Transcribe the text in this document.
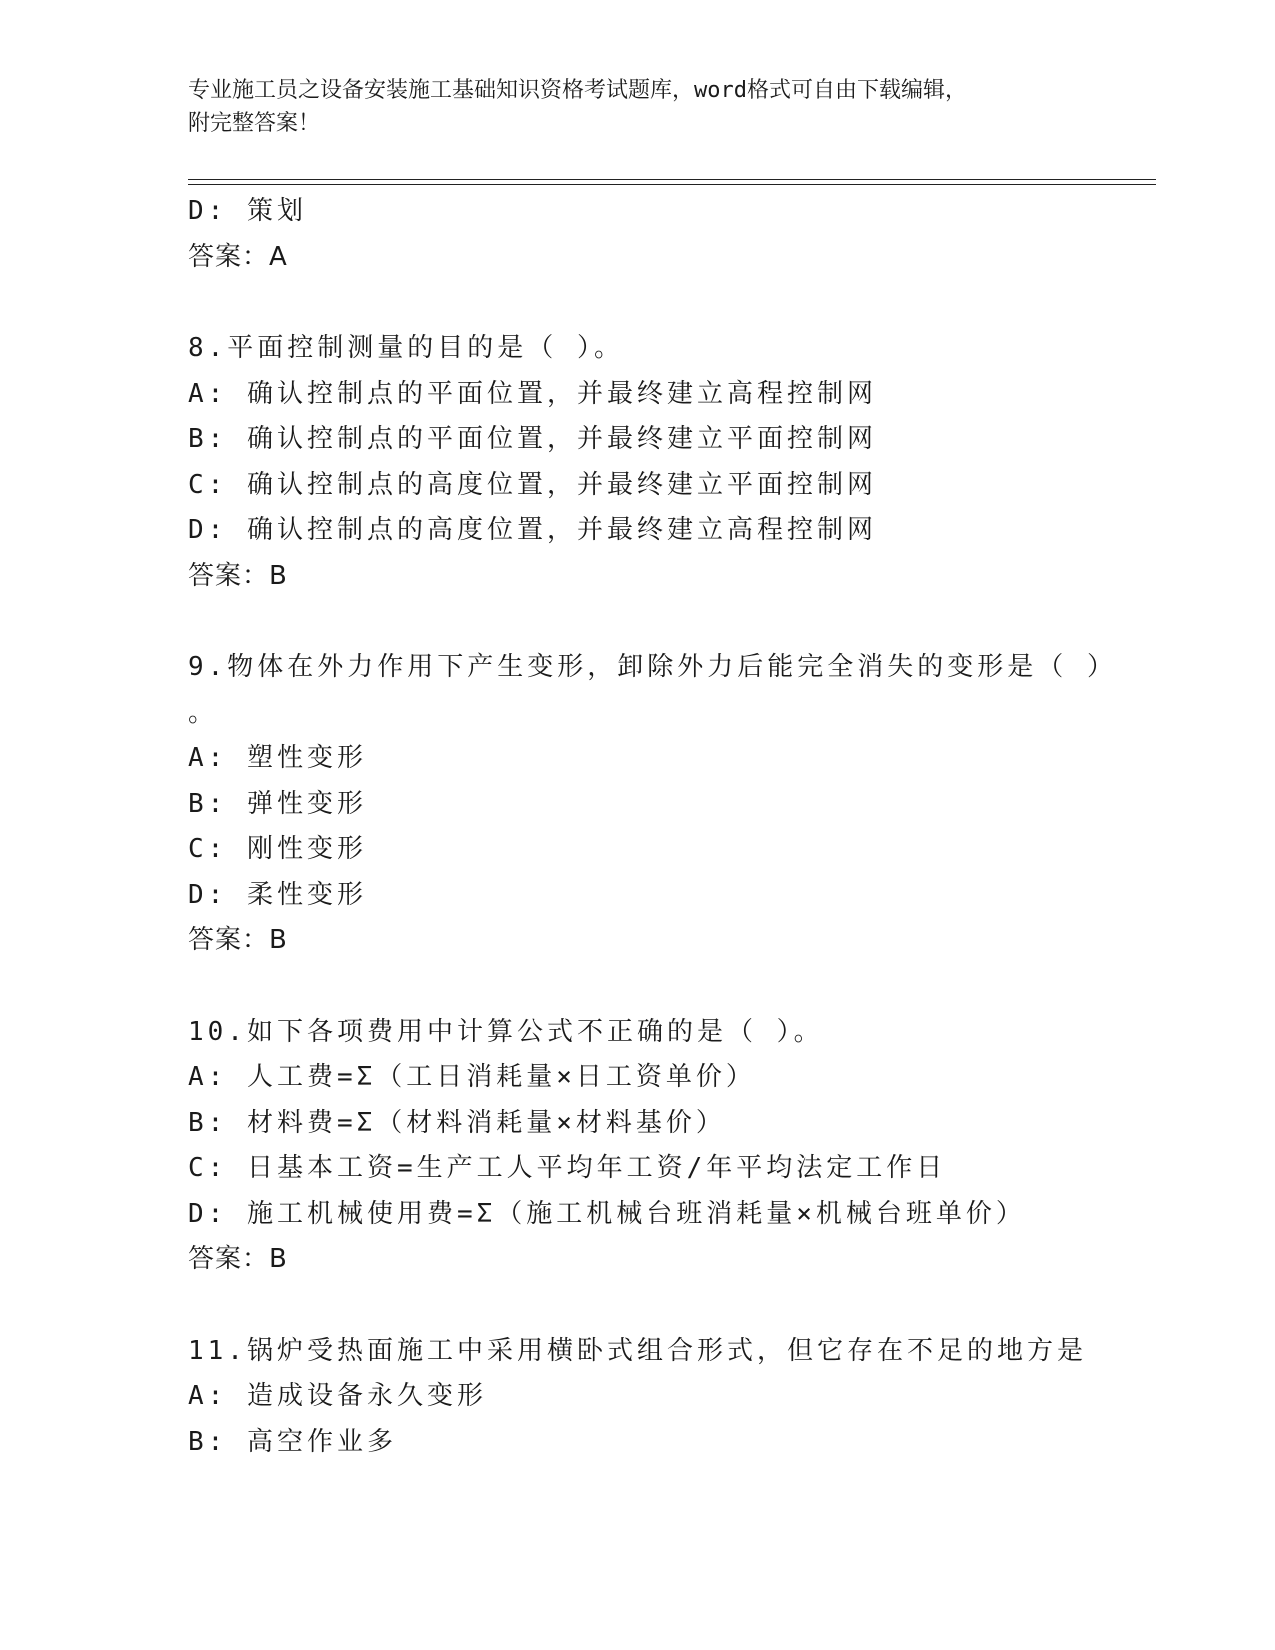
专业施工员之设备安装施工基础知识资格考试题库，word格式可自由下载编辑，
附完整答案！
D: 策划
答案：A
8.平面控制测量的目的是（ ）。
A: 确认控制点的平面位置，并最终建立高程控制网
B: 确认控制点的平面位置，并最终建立平面控制网
C: 确认控制点的高度位置，并最终建立平面控制网
D: 确认控制点的高度位置，并最终建立高程控制网
答案：B
9.物体在外力作用下产生变形，卸除外力后能完全消失的变形是（ ）
。
A: 塑性变形
B: 弹性变形
C: 刚性变形
D: 柔性变形
答案：B
10.如下各项费用中计算公式不正确的是（ ）。
A: 人工费=Σ（工日消耗量×日工资单价）
B: 材料费=Σ（材料消耗量×材料基价）
C: 日基本工资=生产工人平均年工资/年平均法定工作日
D: 施工机械使用费=Σ（施工机械台班消耗量×机械台班单价）
答案：B
11.锅炉受热面施工中采用横卧式组合形式，但它存在不足的地方是
A: 造成设备永久变形
B: 高空作业多
